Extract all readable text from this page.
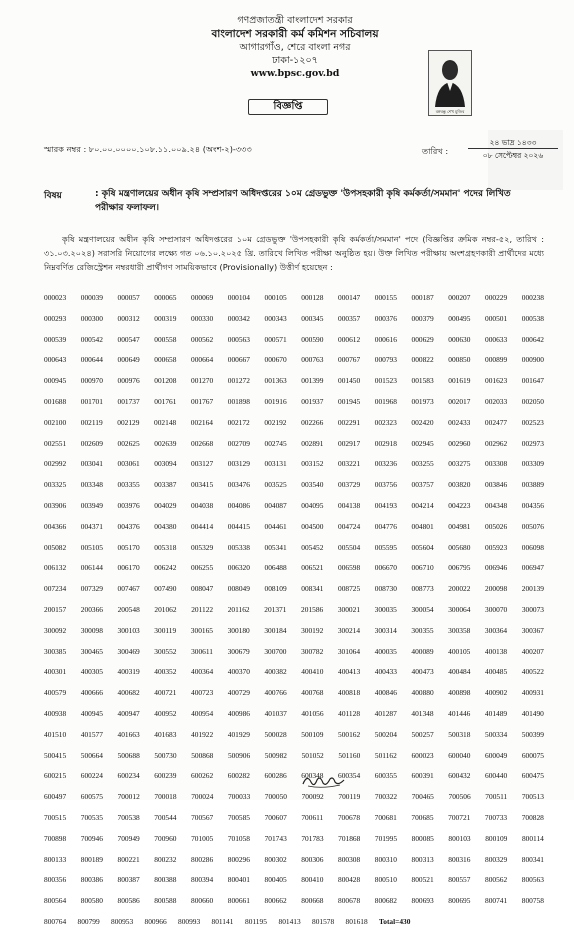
গণপ্রজাতন্ত্রী বাংলাদেশ সরকার
বাংলাদেশ সরকারী কর্ম কমিশন সচিবালয়
আগারগাঁও, শেরে বাংলা নগর
ঢাকা-১২০৭
www.bpsc.gov.bd
বঙ্গবন্ধু শেখ মুজিব
বিজ্ঞপ্তি
স্মারক নম্বর : ৮০.০০.০০০০.১০৮.১১.০০৯.২৪ (অংশ-২)-৩৩৩	তারিখ :
২৪ ভাদ্র ১৪৩৩
০৮ সেপ্টেম্বর ২০২৬
বিষয়	: কৃষি মন্ত্রণালয়ের অধীন কৃষি সম্প্রসারণ অধিদপ্তরের ১০ম গ্রেডভুক্ত 'উপসহকারী কৃষি কর্মকর্তা/সমমান' পদের লিখিত পরীক্ষার ফলাফল।
কৃষি মন্ত্রণালয়ের অধীন কৃষি সম্প্রসারণ অধিদপ্তরের ১০ম গ্রেডভুক্ত 'উপসহকারী কৃষি কর্মকর্তা/সমমান' পদে (বিজ্ঞপ্তির ক্রমিক নম্বর-৫২, তারিখ : ৩১.০৩.২০২৪) সরাসরি নিয়োগের লক্ষ্যে গত ০৬.১০.২০২৫ খ্রি. তারিখে লিখিত পরীক্ষা অনুষ্ঠিত হয়। উক্ত লিখিত পরীক্ষায় অংশগ্রহণকারী প্রার্থীদের মধ্যে নিম্নবর্ণিত রেজিস্ট্রেশন নম্বরধারী প্রার্থীগণ সাময়িকভাবে (Provisionally) উত্তীর্ণ হয়েছেন :
000023 000039 000057 000065 000069 000104 000105 000128 000147 000155 000187 000207 000229 000238
000293 000300 000312 000319 000330 000342 000343 000345 000357 000376 000379 000495 000501 000538
000539 000542 000547 000558 000562 000563 000571 000590 000612 000616 000629 000630 000633 000642
000643 000644 000649 000658 000664 000667 000670 000763 000767 000793 000822 000850 000899 000900
000945 000970 000976 001208 001270 001272 001363 001399 001450 001523 001583 001619 001623 001647
001688 001701 001737 001761 001767 001898 001916 001937 001945 001968 001973 002017 002033 002050
002100 002119 002129 002148 002164 002172 002192 002266 002291 002323 002420 002433 002477 002523
002551 002609 002625 002639 002668 002709 002745 002891 002917 002918 002945 002960 002962 002973
002992 003041 003061 003094 003127 003129 003131 003152 003221 003236 003255 003275 003308 003309
003325 003348 003355 003387 003415 003476 003525 003540 003729 003756 003757 003820 003846 003889
003906 003949 003976 004029 004038 004086 004087 004095 004138 004193 004214 004223 004348 004356
004366 004371 004376 004380 004414 004415 004461 004500 004724 004776 004801 004981 005026 005076
005082 005105 005170 005318 005329 005338 005341 005452 005504 005595 005604 005680 005923 006098
006132 006144 006170 006242 006255 006320 006488 006521 006598 006670 006710 006795 006946 006947
007234 007329 007467 007490 008047 008049 008109 008341 008725 008730 008773 200022 200098 200139
200157 200366 200548 201062 201122 201162 201371 201586 300021 300035 300054 300064 300070 300073
300092 300098 300103 300119 300165 300180 300184 300192 300214 300314 300355 300358 300364 300367
300385 300465 300469 300552 300611 300679 300700 300782 301064 400035 400089 400105 400138 400207
400301 400305 400319 400352 400364 400370 400382 400410 400413 400433 400473 400484 400485 400522
400579 400666 400682 400721 400723 400729 400766 400768 400818 400846 400880 400898 400902 400931
400938 400945 400947 400952 400954 400986 401037 401056 401128 401287 401348 401446 401489 401490
401510 401577 401663 401683 401922 401929 500028 500109 500162 500204 500257 500318 500334 500399
500415 500664 500688 500730 500868 500906 500982 501052 501160 501162 600023 600040 600049 600075
600215 600224 600234 600239 600262 600282 600286 600348 600354 600355 600391 600432 600440 600475
600497 600575 700012 700018 700024 700033 700050 700092 700119 700322 700465 700506 700511 700513
700515 700535 700538 700544 700567 700585 700607 700611 700678 700681 700685 700721 700733 700828
700898 700946 700949 700960 701005 701058 701743 701783 701868 701995 800085 800103 800109 800114
800133 800189 800221 800232 800286 800296 800302 800306 800308 800310 800313 800316 800329 800341
800356 800386 800387 800388 800394 800401 800405 800410 800428 800510 800521 800557 800562 800563
800564 800580 800586 800588 800660 800661 800662 800668 800678 800682 800693 800695 800741 800758
800764	800799	800953	800966	800993	801141	801195	801413	801578	801618	Total=430
